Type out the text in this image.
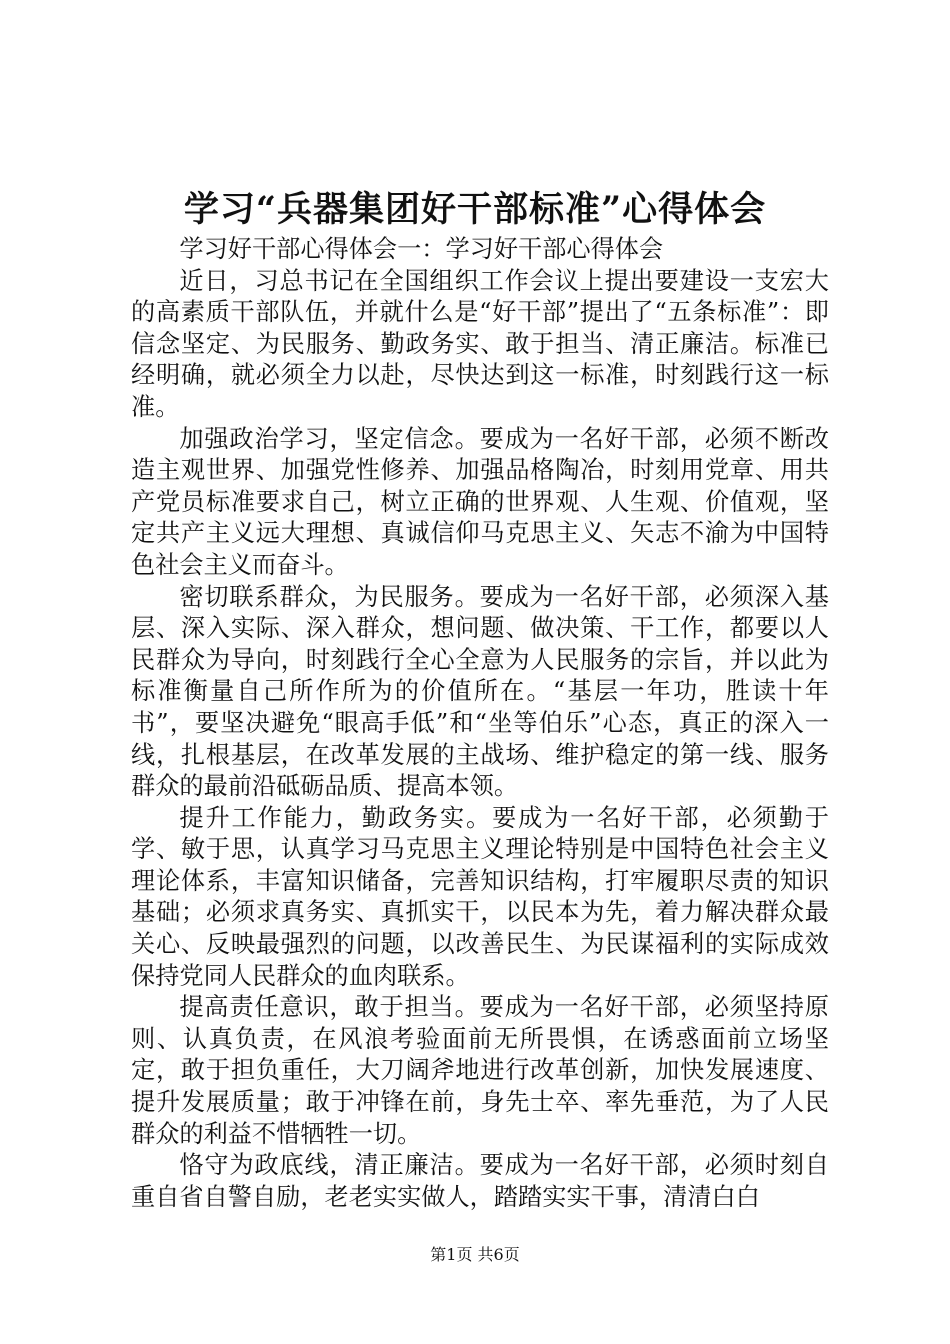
学习“兵器集团好干部标准”心得体会

学习好干部心得体会一：学习好干部心得体会

近日，习总书记在全国组织工作会议上提出要建设一支宏大的高素质干部队伍，并就什么是“好干部”提出了“五条标准”：即信念坚定、为民服务、勤政务实、敢于担当、清正廉洁。标准已经明确，就必须全力以赴，尽快达到这一标准，时刻践行这一标准。

加强政治学习，坚定信念。要成为一名好干部，必须不断改造主观世界、加强党性修养、加强品格陶冶，时刻用党章、用共产党员标准要求自己，树立正确的世界观、人生观、价值观，坚定共产主义远大理想、真诚信仰马克思主义、矢志不渝为中国特色社会主义而奋斗。

密切联系群众，为民服务。要成为一名好干部，必须深入基层、深入实际、深入群众，想问题、做决策、干工作，都要以人民群众为导向，时刻践行全心全意为人民服务的宗旨，并以此为标准衡量自己所作所为的价值所在。“基层一年功，胜读十年书”，要坚决避免“眼高手低”和“坐等伯乐”心态，真正的深入一线，扎根基层，在改革发展的主战场、维护稳定的第一线、服务群众的最前沿砥砺品质、提高本领。

提升工作能力，勤政务实。要成为一名好干部，必须勤于学、敏于思，认真学习马克思主义理论特别是中国特色社会主义理论体系，丰富知识储备，完善知识结构，打牢履职尽责的知识基础；必须求真务实、真抓实干，以民本为先，着力解决群众最关心、反映最强烈的问题，以改善民生、为民谋福利的实际成效保持党同人民群众的血肉联系。

提高责任意识，敢于担当。要成为一名好干部，必须坚持原则、认真负责，在风浪考验面前无所畏惧，在诱惑面前立场坚定，敢于担负重任，大刀阔斧地进行改革创新，加快发展速度、提升发展质量；敢于冲锋在前，身先士卒、率先垂范，为了人民群众的利益不惜牺牲一切。

恪守为政底线，清正廉洁。要成为一名好干部，必须时刻自重自省自警自励，老老实实做人，踏踏实实干事，清清白白

第1页 共6页
